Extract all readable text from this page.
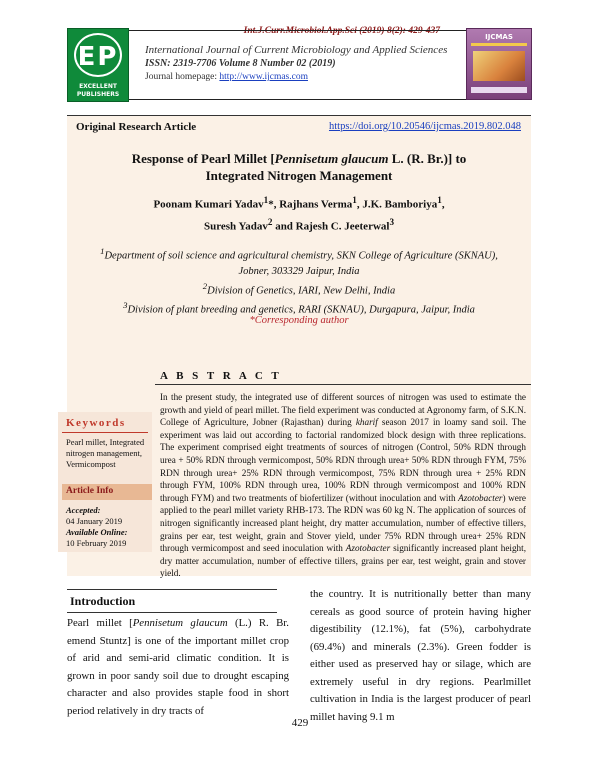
Int.J.Curr.Microbiol.App.Sci (2019) 8(2): 429-437
EP
EXCELLENT PUBLISHERS
International Journal of Current Microbiology and Applied Sciences
ISSN: 2319-7706 Volume 8 Number 02 (2019)
Journal homepage: http://www.ijcmas.com
IJCMAS
Original Research Article	https://doi.org/10.20546/ijcmas.2019.802.048
Response of Pearl Millet [Pennisetum glaucum L. (R. Br.)] to
Integrated Nitrogen Management
Poonam Kumari Yadav$^1$*, Rajhans Verma$^1$, J.K. Bamboriya$^1$,
Suresh Yadav$^2$ and Rajesh C. Jeeterwal$^3$
$^1$Department of soil science and agricultural chemistry, SKN College of Agriculture (SKNAU),
Jobner, 303329 Jaipur, India
$^2$Division of Genetics, IARI, New Delhi, India
$^3$Division of plant breeding and genetics, RARI (SKNAU), Durgapura, Jaipur, India
*Corresponding author
A B S T R A C T
In the present study, the integrated use of different sources of nitrogen was used to estimate the growth and yield of pearl millet. The field experiment was conducted at Agronomy farm, of S.K.N. College of Agriculture, Jobner (Rajasthan) during kharif season 2017 in loamy sand soil. The experiment was laid out according to factorial randomized block design with three replications. The experiment comprised eight treatments of sources of nitrogen (Control, 50% RDN through urea + 50% RDN through vermicompost, 50% RDN through urea+ 50% RDN through FYM, 75% RDN through urea+ 25% RDN through vermicompost, 75% RDN through urea + 25% RDN through FYM, 100% RDN through urea, 100% RDN through vermicompost and 100% RDN through FYM) and two treatments of biofertilizer (without inoculation and with Azotobacter) were applied to the pearl millet variety RHB-173. The RDN was 60 kg N. The application of sources of nitrogen significantly increased plant height, dry matter accumulation, number of effective tillers, grains per ear, test weight, grain and Stover yield, under 75% RDN through urea+ 25% RDN through vermicompost and seed inoculation with Azotobacter significantly increased plant height, dry matter accumulation, number of effective tillers, grains per ear, test weight, grain and stover yield.
Keywords
Pearl millet, Integrated nitrogen management, Vermicompost
Article Info
Accepted:
04 January 2019
Available Online:
10 February 2019
Introduction
Pearl millet [Pennisetum glaucum (L.) R. Br. emend Stuntz] is one of the important millet crop of arid and semi-arid climatic condition. It is grown in poor sandy soil due to drought escaping character and also provides staple food in short period relatively in dry tracts of
the country. It is nutritionally better than many cereals as good source of protein having higher digestibility (12.1%), fat (5%), carbohydrate (69.4%) and minerals (2.3%). Green fodder is either used as preserved hay or silage, which are extremely useful in dry regions. Pearlmillet cultivation in India is the largest producer of pearl millet having 9.1 m
429
